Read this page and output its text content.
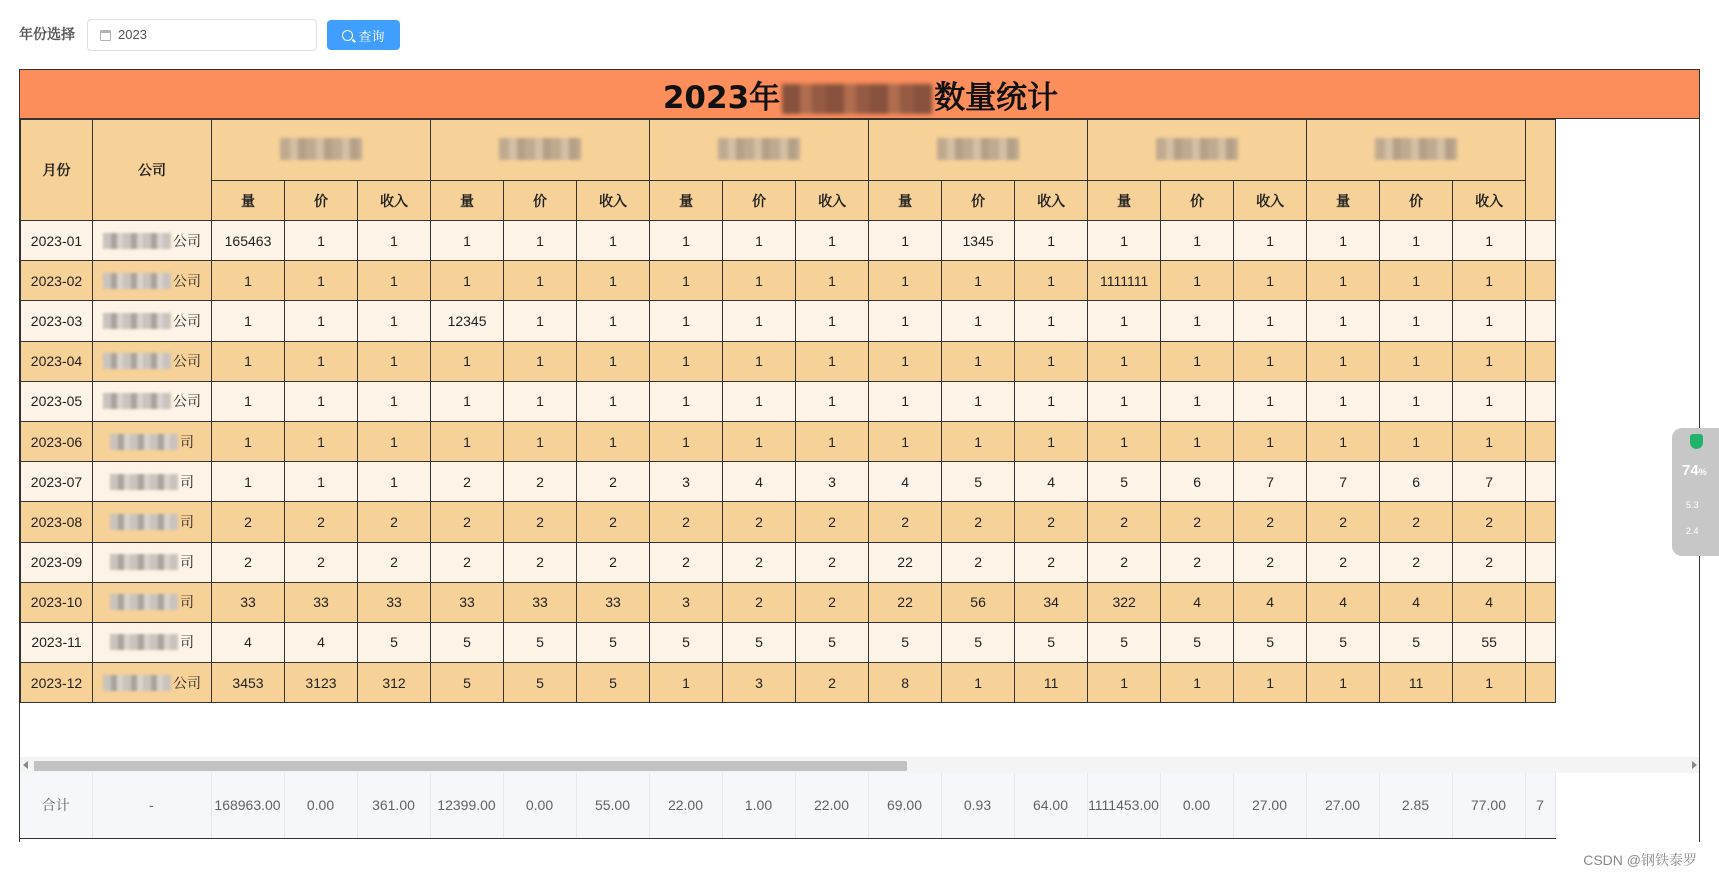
年份选择	2023	查询
2023年	数量统计
月份	公司																			
		量	价	收入	量	价	收入	量	价	收入	量	价	收入	量	价	收入	量	价	收入	
2023-01	公司	165463	1	1	1	1	1	1	1	1	1	1345	1	1	1	1	1	1	1	
2023-02	公司	1	1	1	1	1	1	1	1	1	1	1	1	1111111	1	1	1	1	1	
2023-03	公司	1	1	1	12345	1	1	1	1	1	1	1	1	1	1	1	1	1	1	
2023-04	公司	1	1	1	1	1	1	1	1	1	1	1	1	1	1	1	1	1	1	
2023-05	公司	1	1	1	1	1	1	1	1	1	1	1	1	1	1	1	1	1	1	
2023-06	司	1	1	1	1	1	1	1	1	1	1	1	1	1	1	1	1	1	1	
2023-07	司	1	1	1	2	2	2	3	4	3	4	5	4	5	6	7	7	6	7	
2023-08	司	2	2	2	2	2	2	2	2	2	2	2	2	2	2	2	2	2	2	
2023-09	司	2	2	2	2	2	2	2	2	2	22	2	2	2	2	2	2	2	2	
2023-10	司	33	33	33	33	33	33	3	2	2	22	56	34	322	4	4	4	4	4	
2023-11	司	4	4	5	5	5	5	5	5	5	5	5	5	5	5	5	5	5	55	
2023-12	公司	3453	3123	312	5	5	5	1	3	2	8	1	11	1	1	1	1	11	1	
合计	-	168963.00	0.00	361.00	12399.00	0.00	55.00	22.00	1.00	22.00	69.00	0.93	64.00	1111453.00	0.00	27.00	27.00	2.85	77.00	7
74%
5.3
2.4
CSDN @钢铁泰罗
